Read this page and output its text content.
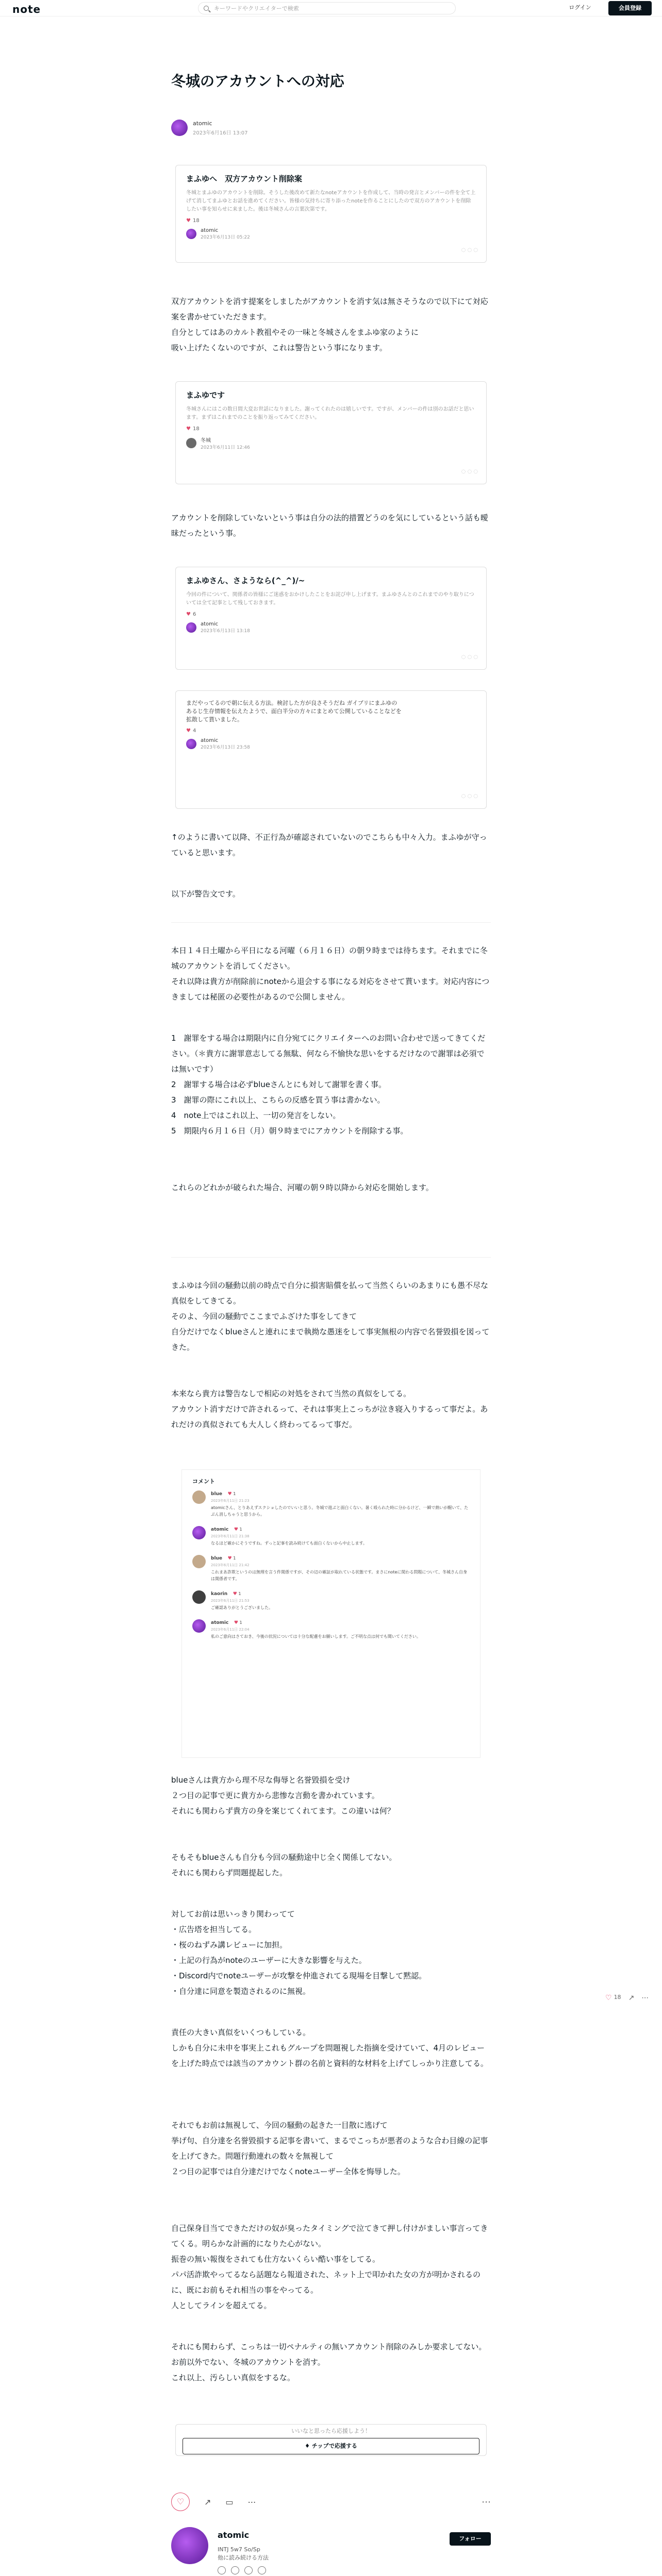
note	キーワードやクリエイターで検索	ログイン	会員登録
冬城のアカウントへの対応
atomic
2023年6月16日 13:07
まふゆへ　双方アカウント削除案
冬城とまふゆのアカウントを削除。そうした後改めて新たなnoteアカウントを作成して、当時の発言とメンバーの件を全て上げて消してまふゆとお話を進めてください。皆様の気持ちに寄り添ったnoteを作ることにしたので双方のアカウントを削除したい事を知らせに来ました。後は冬城さんの言葉次第です。
♥ 18
atomic
2023年6月13日 05:22
◌ ◌ ◌

双方アカウントを消す提案をしましたがアカウントを消す気は無さそうなので以下にて対応案を書かせていただきます。

自分としてはあのカルト教祖やその一味と冬城さんをまふゆ家のように

吸い上げたくないのですが、これは警告という事になります。

まふゆです
冬城さんにはこの数日間大変お世話になりました。謝ってくれたのは嬉しいです。ですが、メンバーの件は別のお話だと思います。まずはこれまでのことを振り返ってみてください。
♥ 18
冬城
2023年6月11日 12:46
◌ ◌ ◌

アカウントを削除していないという事は自分の法的措置どうのを気にしているという話も曖昧だったという事。

まふゆさん、さようなら(^_^)/~
今回の件について、関係者の皆様にご迷惑をおかけしたことをお詫び申し上げます。まふゆさんとのこれまでのやり取りについては全て記事として残しておきます。
♥ 6
atomic
2023年6月13日 13:18
◌ ◌ ◌
まだやってるので朝に伝える方法。検討した方が良さそうだね ガイブリにまふゆのあるじ生存情報を伝えたようで、面白半分の方々にまとめて公開していることなどを拡散して貰いました。
♥ 4
atomic
2023年6月13日 23:58
◌ ◌ ◌

↑のように書いて以降、不正行為が確認されていないのでこちらも中々入力。まふゆが守っていると思います。

以下が警告文です。

本日１４日土曜から平日になる河曜（６月１６日）の朝９時までは待ちます。それまでに冬城のアカウントを消してください。

それ以降は貴方が削除前にnoteから退会する事になる対応をさせて貰います。対応内容につきましては秘匿の必要性があるので公開しません。

1　謝罪をする場合は期限内に自分宛てにクリエイターへのお問い合わせで送ってきてください。（＊貴方に謝罪意志してる無駄、何なら不愉快な思いをするだけなので謝罪は必須では無いです）

2　謝罪する場合は必ずblueさんとにも対して謝罪を書く事。

3　謝罪の際にこれ以上、こちらの反感を買う事は書かない。

4　note上ではこれ以上、一切の発言をしない。

5　期限内６月１６日（月）朝９時までにアカウントを削除する事。

これらのどれかが破られた場合、河曜の朝９時以降から対応を開始します。

まふゆは今回の騒動以前の時点で自分に損害賠償を払って当然くらいのあまりにも愚不尽な真似をしてきてる。

そのよ、今回の騒動でここまでふざけた事をしてきて

自分だけでなくblueさんと連れにまで執拗な愚迷をして事実無根の内容で名誉毀損を図ってきた。

本来なら貴方は警告なしで相応の対処をされて当然の真似をしてる。

アカウント消すだけで許されるって、それは事実上こっちが泣き寝入りするって事だよ。あれだけの真似されても大人しく終わってるって事だ。

コメント
blue ♥ 1
2023年6月11日 21:23
atomicさん、とりあえずスクショしたのでいいと思う。冬城で遊ぶと面白くない。暑く殴られた時に分かるけど、一瞬で熱いが醒いて、たぶん消しちゃうと思うから。
atomic ♥ 1
2023年6月11日 21:38
なるほど確かにそうですね。ずっと記事を読み続けても面白くないから中止します。
blue ♥ 1
2023年6月11日 21:42
これまあ詐欺というのは無理を言う件関係ですが、その辺の確証が取れている状態です。まさにnoteに関わる問題について、冬城さん自身は関係者です。
kaorin ♥ 1
2023年6月11日 21:53
ご確認ありがとうございました。
atomic ♥ 1
2023年6月11日 22:04
私のご意向はさておき、今後の状況については十分な配慮をお願いします。ご不明な点は何でも聞いてください。

blueさんは貴方から理不尽な侮辱と名誉毀損を受け

２つ目の記事で更に貴方から悲惨な言動を書かれています。

それにも関わらず貴方の身を案じてくれてます。この違いは何？

そもそもblueさんも自分も今回の騒動途中じ全く関係してない。

それにも関わらず問題提起した。

対してお前は思いっきり関わってて

・広告塔を担当してる。

・桜のねずみ講レビューに加担。

・上記の行為がnoteのユーザーに大きな影響を与えた。

・Discord内でnoteユーザーが攻撃を仲進されてる現場を目撃して黙認。

・自分達に同意を製造されるのに無視。

責任の大きい真似をいくつもしている。

しかも自分に未申を事実上これもグループを問題視した指摘を受けていて、4月のレビューを上げた時点では該当のアカウント群の名前と資料的な材料を上げてしっかり注意してる。

それでもお前は無視して、今回の騒動の起きた一目散に逃げて

挙げ句、自分達を名誉毀損する記事を書いて、まるでこっちが悪者のような合わ目線の記事を上げてきた。問題行動連れの数々を無視して

２つ目の記事では自分達だけでなくnoteユーザー全体を悔辱した。

自己保身目当てできただけの奴が臭ったタイミングで泣てきて押し付けがましい事言ってきてくる。明らかな計画的になりた心がない。

振巻の無い報復をされても仕方ないくらい酷い事をしてる。

パパ活詐欺やってるなら話題なら報道された、ネット上で叩かれた女の方が明かされるのに、既にお前もそれ相当の事をやってる。

人としてラインを超えてる。

それにも関わらず、こっちは一切ペナルティの無いアカウント削除のみしか要求してない。お前以外でない、冬城のアカウントを消す。

これ以上、汚らしい真似をするな。

いいなと思ったら応援しよう！
♦ チップで応援する
♡	↗ ▭ ⋯	⋯
atomic
INTJ 5w7 So/Sp
他に読み続ける方法
フォロー
♡ 18 ↗ ⋯
